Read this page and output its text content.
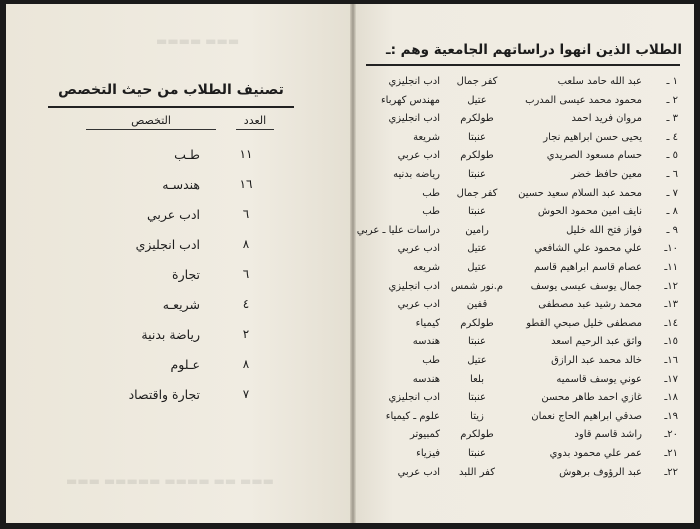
▬▬▬ ▬▬▬▬
▬▬▬ ▬▬ ▬▬▬▬ ▬▬▬▬▬ ▬▬▬
تصنيف الطلاب من حيث التخصص
العدد
التخصص
١١
طـب
١٦
هندسـه
٦
ادب عربي
٨
ادب انجليزي
٦
تجارة
٤
شريعـه
٢
رياضة بدنية
٨
عـلوم
٧
تجارة واقتصاد
الطلاب الذين انهوا دراساتهم الجامعية وهم :ـ
١ ـ
عبد الله حامد سلعب
كفر جمال
ادب انجليزي
٢ ـ
محمود محمد عيسى المدرب
عتيل
مهندس كهرباء
٣ ـ
مروان فريد احمد
طولكرم
ادب انجليزي
٤ ـ
يحيى حسن ابراهيم نجار
عنبتا
شريعة
٥ ـ
حسام مسعود الصريدي
طولكرم
ادب عربي
٦ ـ
معين حافظ خضر
عنبتا
رياضه بدنيه
٧ ـ
محمد عبد السلام سعيد حسين
كفر جمال
طب
٨ ـ
نايف امين محمود الحوش
عنبتا
طب
٩ ـ
فواز فتح الله خليل
رامين
دراسات عليا ـ عربي
١٠ـ
علي محمود علي الشافعي
عتيل
ادب عربي
١١ـ
عصام قاسم ابراهيم قاسم
عتيل
شريعه
١٢ـ
جمال يوسف عيسى يوسف
م.نور شمس
ادب انجليزي
١٣ـ
محمد رشيد عبد مصطفى
قفين
ادب عربي
١٤ـ
مصطفى خليل صبحي القطو
طولكرم
كيمياء
١٥ـ
واثق عبد الرحيم اسعد
عنبتا
هندسه
١٦ـ
خالد محمد عبد الرازق
عتيل
طب
١٧ـ
عوني يوسف قاسميه
بلعا
هندسه
١٨ـ
غازي احمد طاهر محسن
عنبتا
ادب انجليزي
١٩ـ
صدقي ابراهيم الحاج نعمان
زيتا
علوم ـ كيمياء
٢٠ـ
راشد قاسم قاود
طولكرم
كمبيوتر
٢١ـ
عمر علي محمود بدوي
عنبتا
فيزياء
٢٢ـ
عبد الرؤوف برهوش
كفر اللبد
ادب عربي
